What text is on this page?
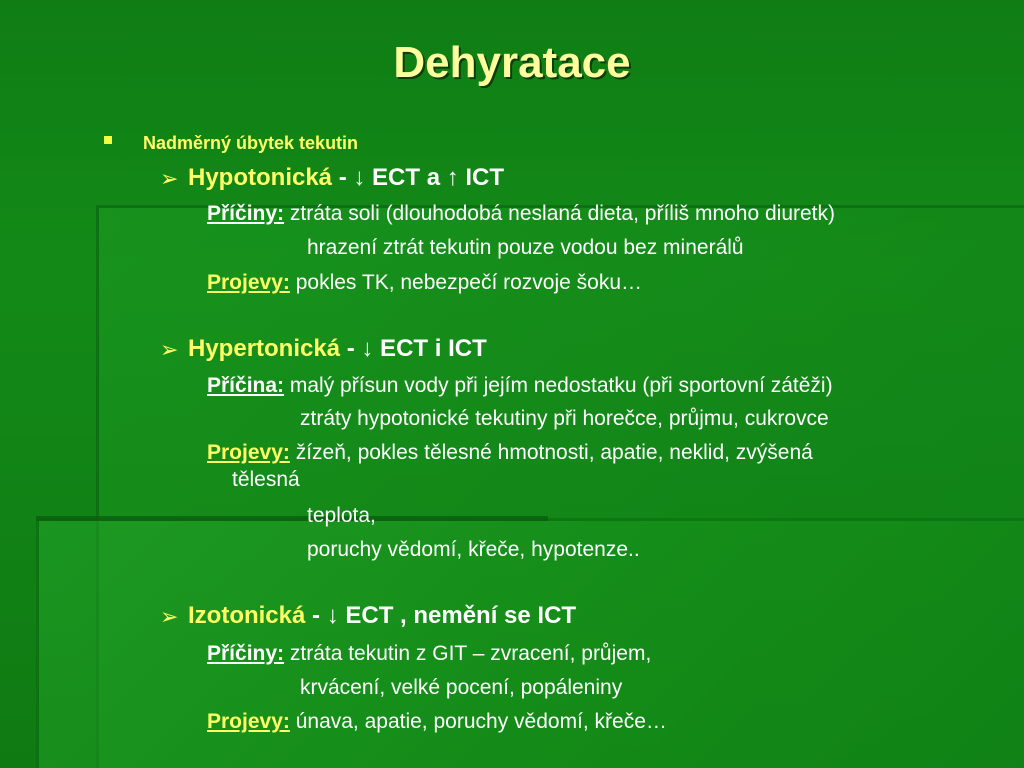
Dehyratace
Nadměrný úbytek tekutin
➢ Hypotonická - ↓ ECT a ↑ ICT
Příčiny: ztráta soli (dlouhodobá neslaná dieta, příliš mnoho diuretk)
hrazení ztrát tekutin pouze vodou bez minerálů
Projevy: pokles TK, nebezpečí rozvoje šoku…
➢ Hypertonická - ↓ ECT i ICT
Příčina: malý přísun vody při jejím nedostatku (při sportovní zátěži)
ztráty hypotonické tekutiny při horečce, průjmu, cukrovce
Projevy: žízeň, pokles tělesné hmotnosti, apatie, neklid, zvýšená
tělesná
teplota,
poruchy vědomí, křeče, hypotenze..
➢ Izotonická - ↓ ECT , nemění se ICT
Příčiny: ztráta tekutin z GIT – zvracení, průjem,
krvácení, velké pocení, popáleniny
Projevy: únava, apatie, poruchy vědomí, křeče…
